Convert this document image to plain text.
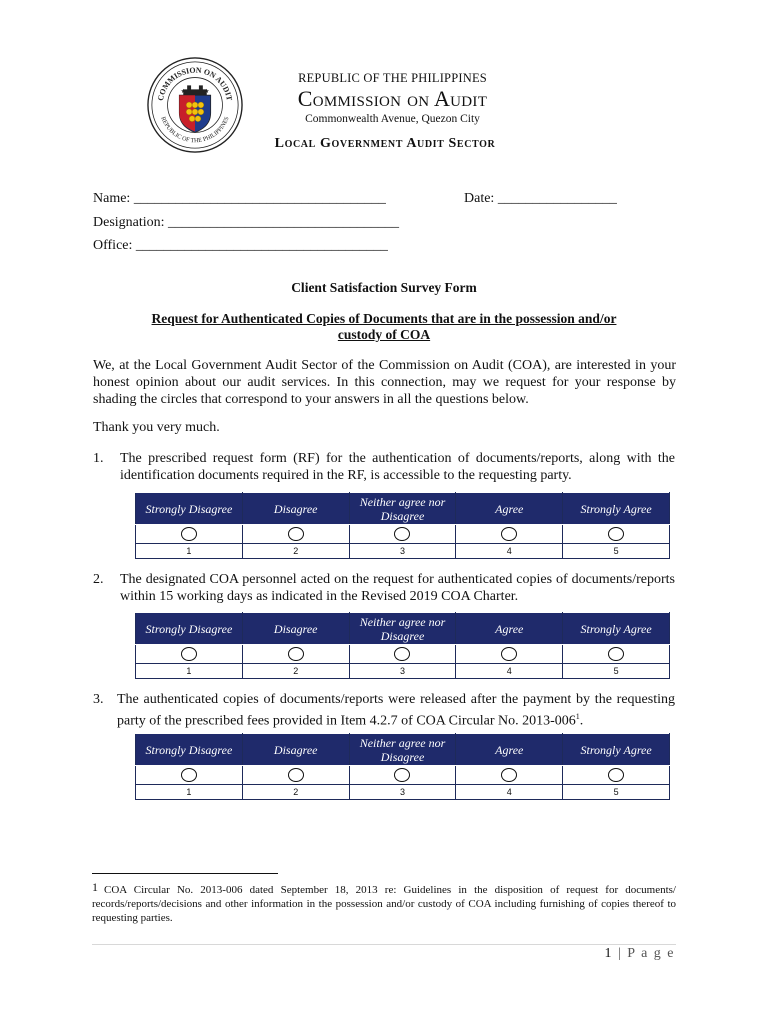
COMMISSION ON AUDIT
REPUBLIC OF THE PHILIPPINES
★	★
REPUBLIC OF THE PHILIPPINES
Commission on Audit
Commonwealth Avenue, Quezon City
Local Government Audit Sector
Name: ____________________________________	Date: _________________
Designation: _________________________________
Office: ____________________________________
Client Satisfaction Survey Form
Request for Authenticated Copies of Documents that are in the possession and/or
custody of COA
We, at the Local Government Audit Sector of the Commission on Audit (COA), are interested in your honest opinion about our audit services. In this connection, may we request for your response by shading the circles that correspond to your answers in all the questions below.
Thank you very much.
1.	The prescribed request form (RF) for the authentication of documents/reports, along with the identification documents required in the RF, is accessible to the requesting party.
Strongly Disagree	Disagree	Neither agree nor Disagree	Agree	Strongly Agree

1	2	3	4	5
2.	The designated COA personnel acted on the request for authenticated copies of documents/reports within 15 working days as indicated in the Revised 2019 COA Charter.
Strongly Disagree	Disagree	Neither agree nor Disagree	Agree	Strongly Agree

1	2	3	4	5
3. The authenticated copies of documents/reports were released after the payment by the requesting party of the prescribed fees provided in Item 4.2.7 of COA Circular No. $2013-006^1$.
Strongly Disagree	Disagree	Neither agree nor Disagree	Agree	Strongly Agree

1	2	3	4	5
1 COA Circular No. 2013-006 dated September 18, 2013 re: Guidelines in the disposition of request for documents/ records/reports/decisions and other information in the possession and/or custody of COA including furnishing of copies thereof to requesting parties.
1 | P a g e
